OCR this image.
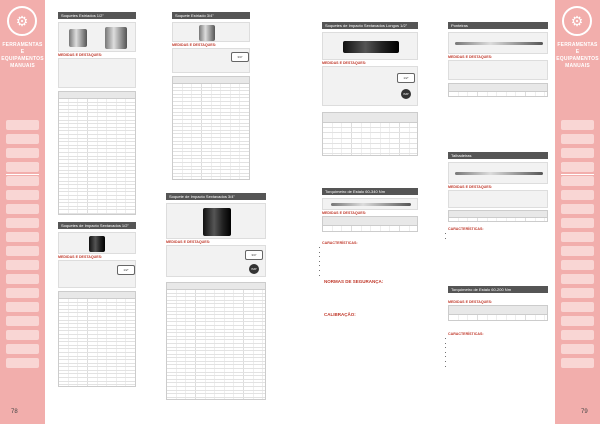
⚙
FERRAMENTAS E EQUIPAMENTOS MANUAIS
⚙
FERRAMENTAS E EQUIPAMENTOS MANUAIS
Soquetes Estriados 1/2"
MEDIDAS E DESTAQUES:
Soquete Estriado 3/4"
MEDIDAS E DESTAQUES:
3/4"
Soquetes de Impacto Sextavados 1/2"
MEDIDAS E DESTAQUES:
1/2"
Soquete de Impacto Sextavados 3/4"
MEDIDAS E DESTAQUES:
3/4"
IMP
Soquetes de Impacto Sextavados Longos 1/2"
MEDIDAS E DESTAQUES:
1/2"
IMP
Torquímetro de Estalo 60-340 Nm
MEDIDAS E DESTAQUES:
CARACTERÍSTICAS:
•
•
•
•
•
•
•
NORMAS DE SEGURANÇA:

CALIBRAÇÃO:

Ponteiras
MEDIDAS E DESTAQUES:
Talhadeiras
MEDIDAS E DESTAQUES:
CARACTERÍSTICAS:
•
•
Torquímetro de Estalo 60-200 Nm
MEDIDAS E DESTAQUES:
CARACTERÍSTICAS:
•
•
•
•
•
•
•
78	79
